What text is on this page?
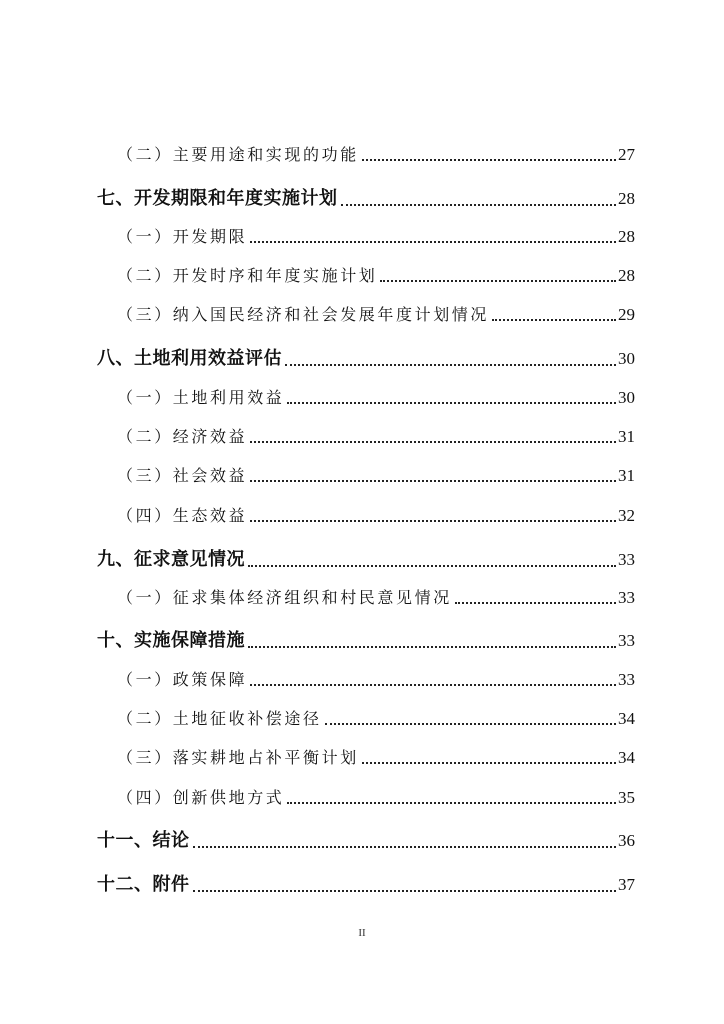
（二）主要用途和实现的功能	27
七、开发期限和年度实施计划	28
（一）开发期限	28
（二）开发时序和年度实施计划	28
（三）纳入国民经济和社会发展年度计划情况	29
八、土地利用效益评估	30
（一）土地利用效益	30
（二）经济效益	31
（三）社会效益	31
（四）生态效益	32
九、征求意见情况	33
（一）征求集体经济组织和村民意见情况	33
十、实施保障措施	33
（一）政策保障	33
（二）土地征收补偿途径	34
（三）落实耕地占补平衡计划	34
（四）创新供地方式	35
十一、结论	36
十二、附件	37
II
